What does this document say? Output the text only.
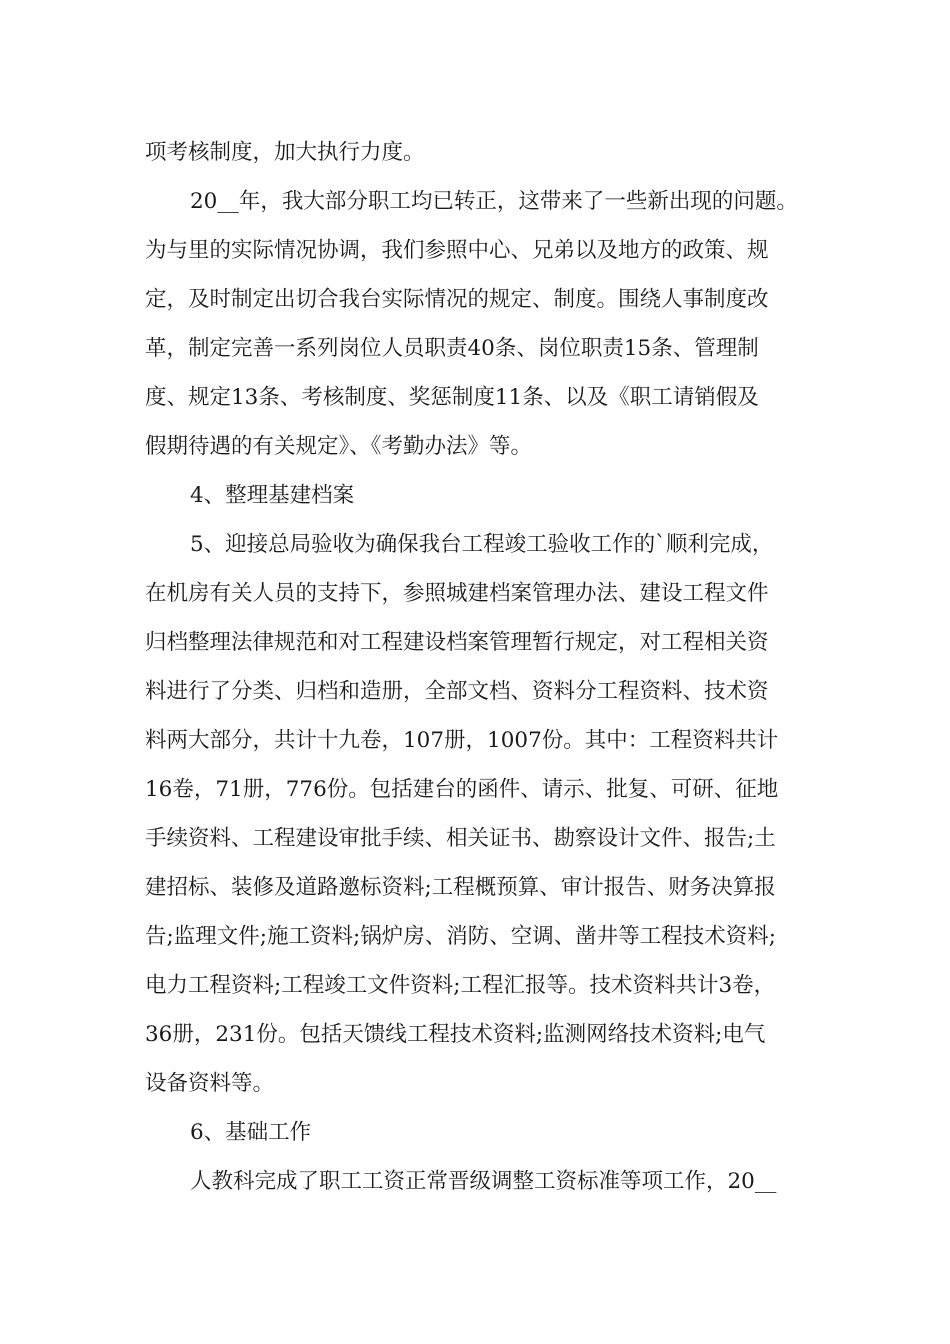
项考核制度，加大执行力度。
20__年，我大部分职工均已转正，这带来了一些新出现的问题。
为与里的实际情况协调，我们参照中心、兄弟以及地方的政策、规
定，及时制定出切合我台实际情况的规定、制度。围绕人事制度改
革，制定完善一系列岗位人员职责40条、岗位职责15条、管理制
度、规定13条、考核制度、奖惩制度11条、以及《职工请销假及
假期待遇的有关规定》、《考勤办法》等。
4、整理基建档案
5、迎接总局验收为确保我台工程竣工验收工作的`顺利完成，
在机房有关人员的支持下，参照城建档案管理办法、建设工程文件
归档整理法律规范和对工程建设档案管理暂行规定，对工程相关资
料进行了分类、归档和造册，全部文档、资料分工程资料、技术资
料两大部分，共计十九卷，107册，1007份。其中：工程资料共计
16卷，71册，776份。包括建台的函件、请示、批复、可研、征地
手续资料、工程建设审批手续、相关证书、勘察设计文件、报告;土
建招标、装修及道路邀标资料;工程概预算、审计报告、财务决算报
告;监理文件;施工资料;锅炉房、消防、空调、凿井等工程技术资料;
电力工程资料;工程竣工文件资料;工程汇报等。技术资料共计3卷，
36册，231份。包括天馈线工程技术资料;监测网络技术资料;电气
设备资料等。
6、基础工作
人教科完成了职工工资正常晋级调整工资标准等项工作，20__
